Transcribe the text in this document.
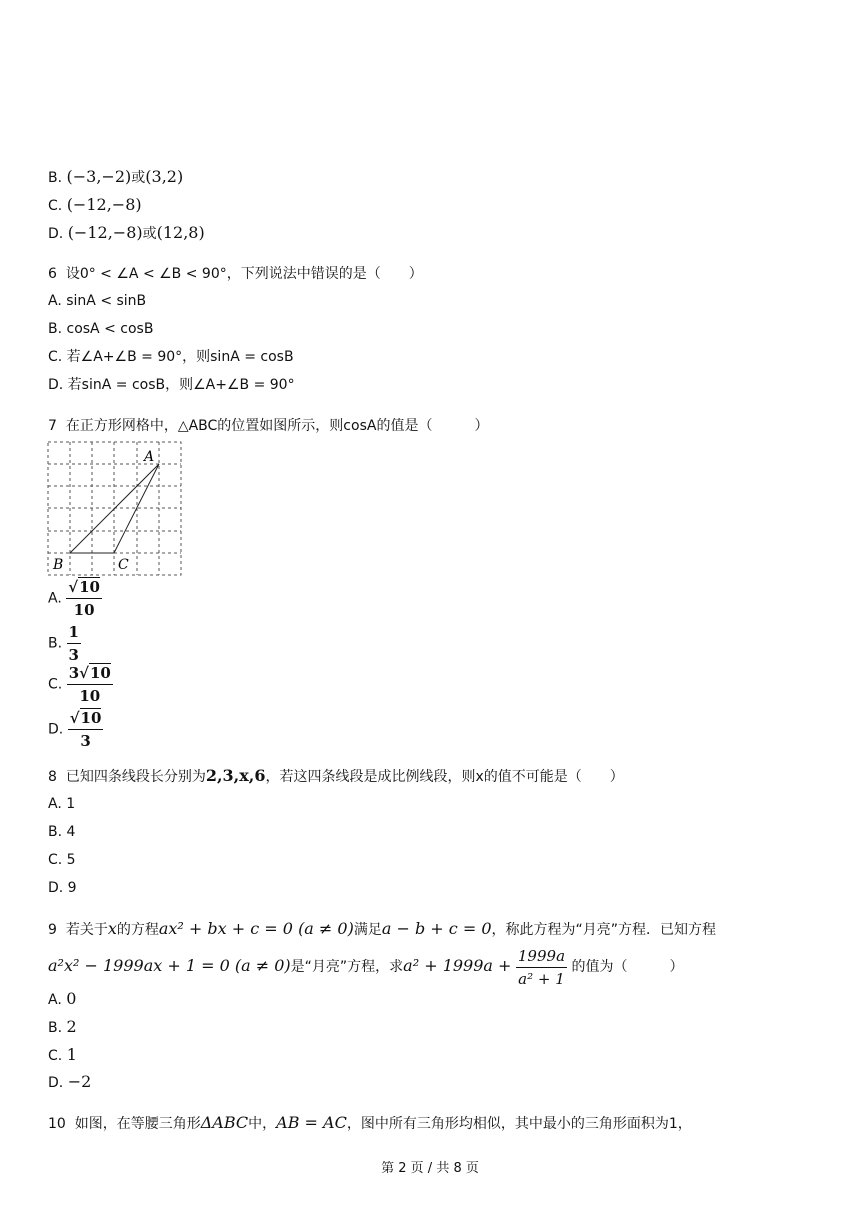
B. (−3,−2)或(3,2)
C. (−12,−8)
D. (−12,−8)或(12,8)
6 设0° < ∠A < ∠B < 90°，下列说法中错误的是（　　）
A. sinA < sinB
B. cosA < cosB
C. 若∠A+∠B = 90°，则sinA = cosB
D. 若sinA = cosB，则∠A+∠B = 90°
7 在正方形网格中，△ABC的位置如图所示，则cosA的值是（　　　）
A
B	C
A. $\frac{√10}{10}$
B. $\frac{1}{3}$
C. $\frac{3√10}{10}$
D. $\frac{√10}{3}$
8 已知四条线段长分别为2,3,x,6，若这四条线段是成比例线段，则x的值不可能是（　　）
A. 1
B. 4
C. 5
D. 9
9 若关于x的方程ax² + bx + c = 0 (a ≠ 0)满足a − b + c = 0，称此方程为“月亮”方程．已知方程
a²x² − 1999ax + 1 = 0 (a ≠ 0)是“月亮”方程，求$a^2 + 1999a + \frac{1999a}{\text{a² + 1}}$ 的值为（　　　）
A. 0
B. 2
C. 1
D. −2
10 如图，在等腰三角形ΔABC中，AB = AC，图中所有三角形均相似，其中最小的三角形面积为1，
第 2 页 / 共 8 页
